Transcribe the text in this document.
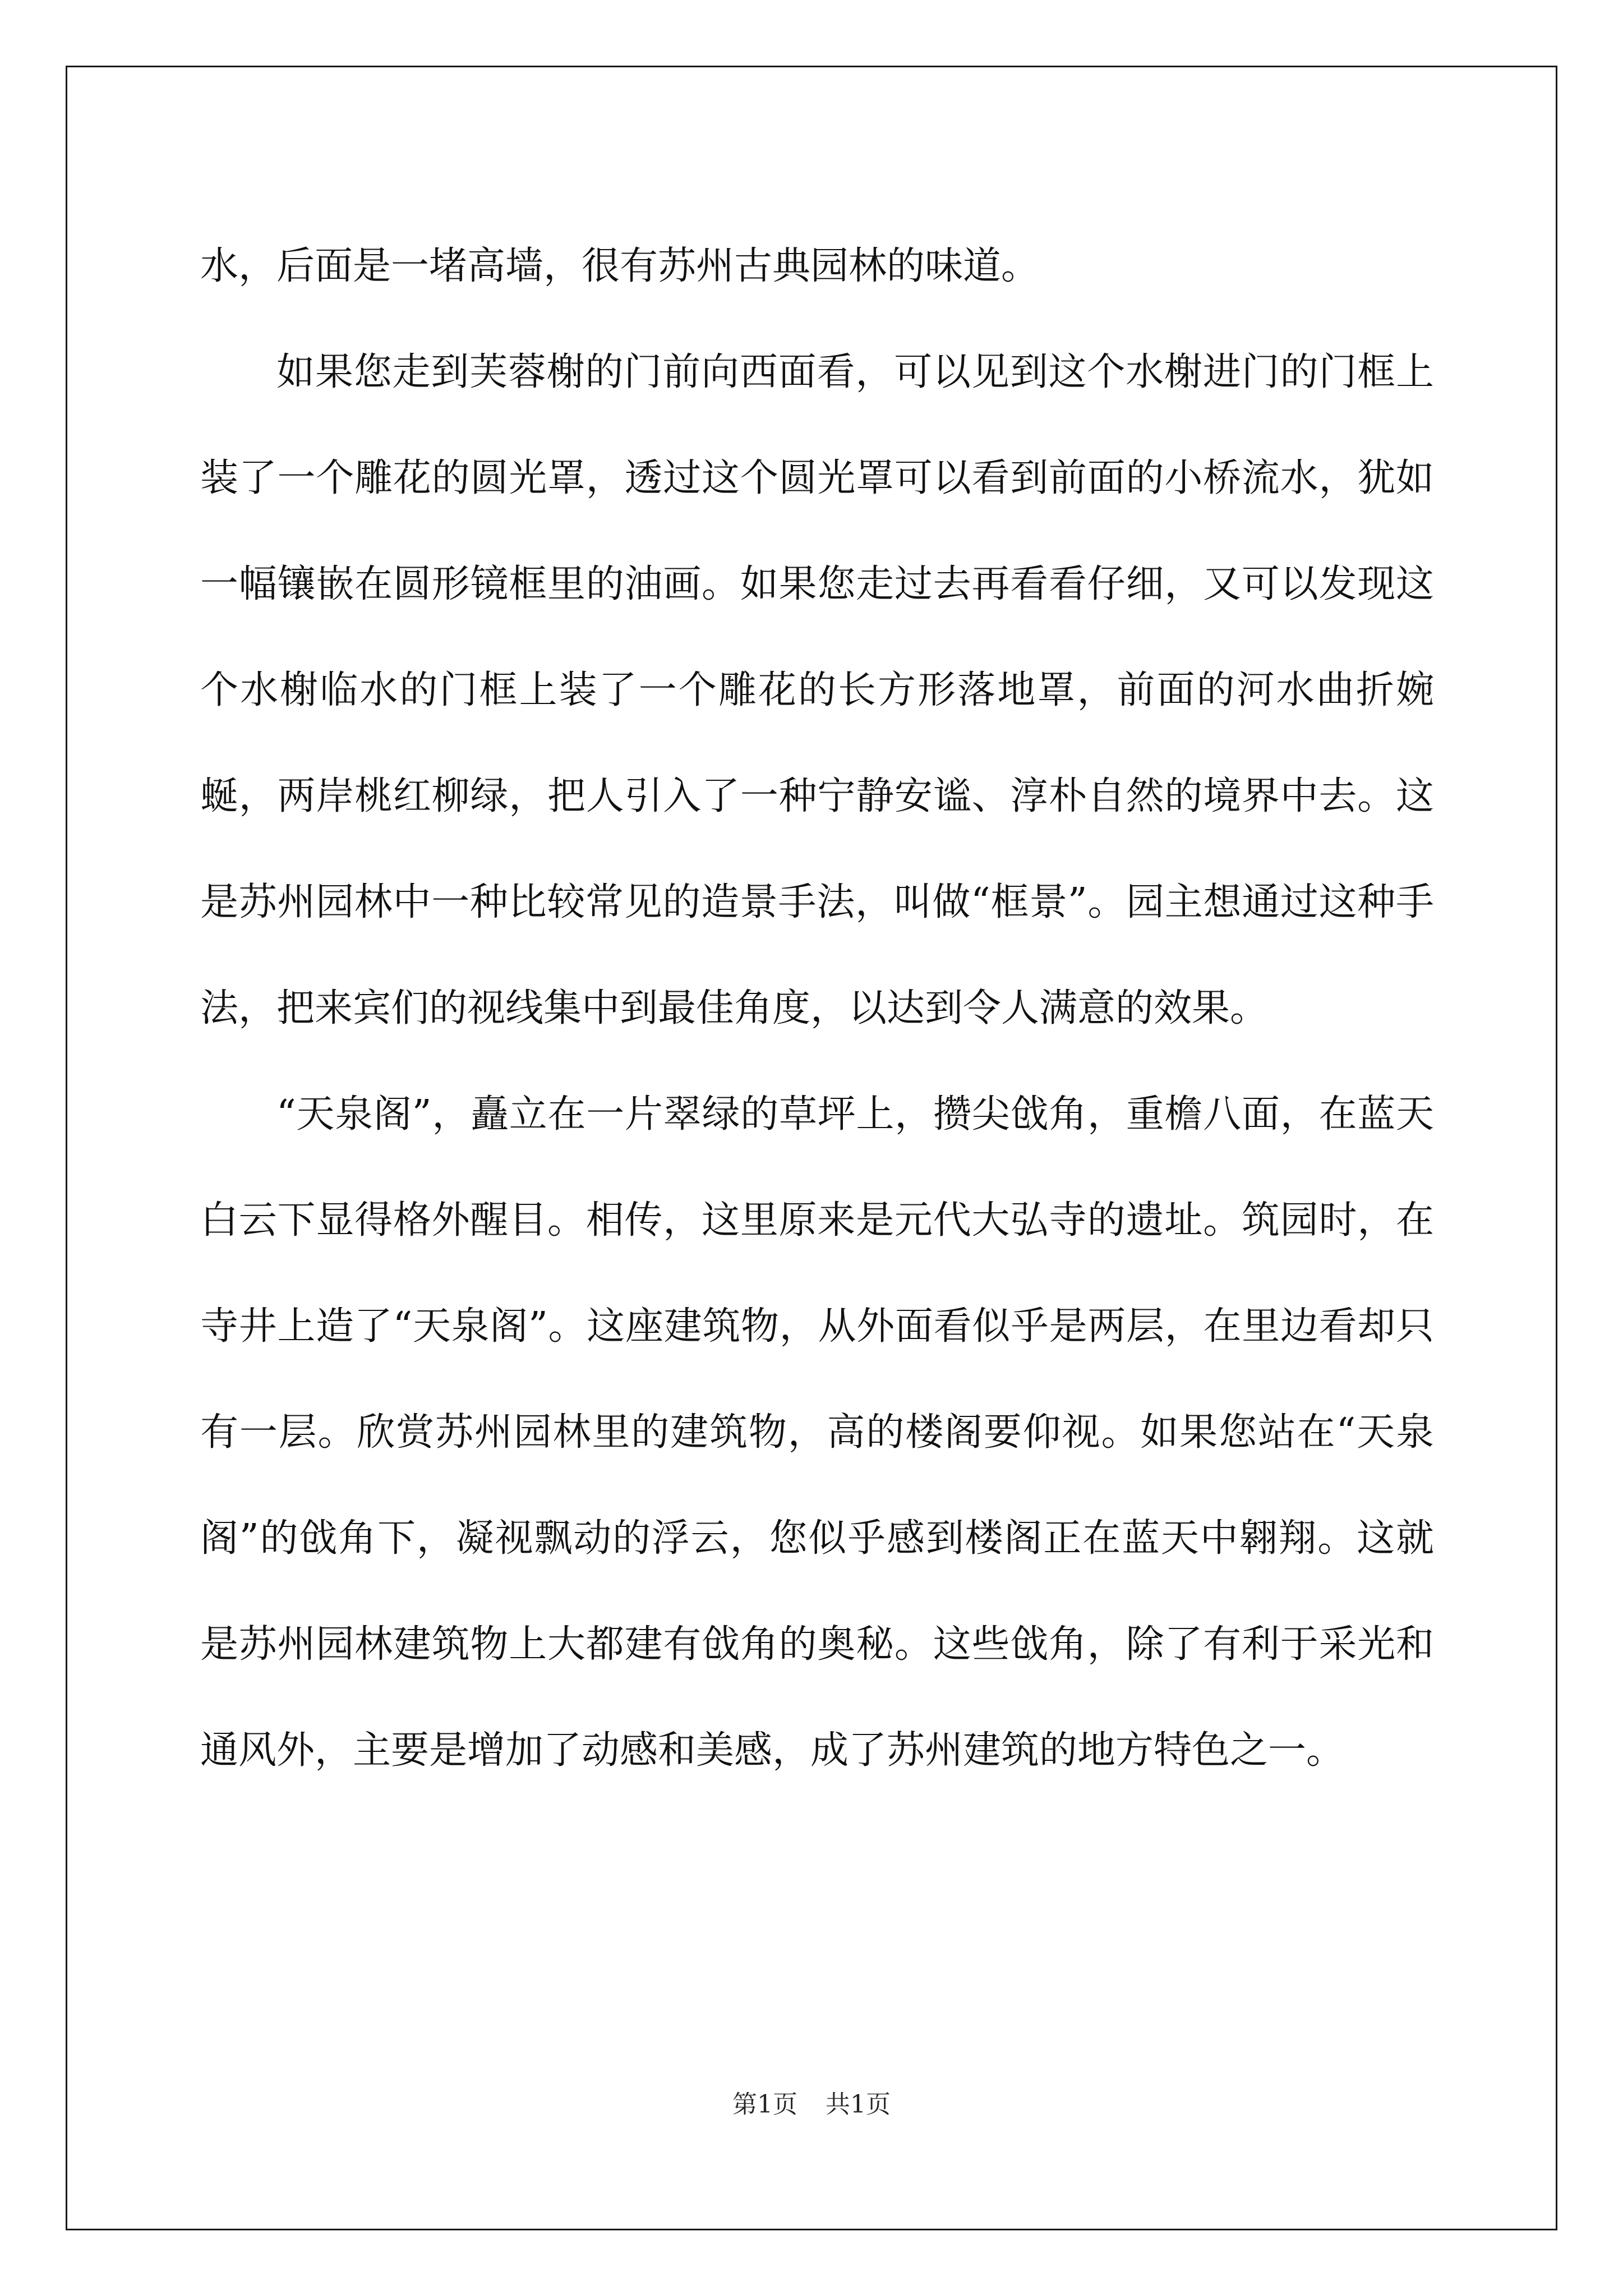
水，后面是一堵高墙，很有苏州古典园林的味道。

如果您走到芙蓉榭的门前向西面看，可以见到这个水榭进门的门框上装了一个雕花的圆光罩，透过这个圆光罩可以看到前面的小桥流水，犹如一幅镶嵌在圆形镜框里的油画。如果您走过去再看看仔细，又可以发现这个水榭临水的门框上装了一个雕花的长方形落地罩，前面的河水曲折婉蜒，两岸桃红柳绿，把人引入了一种宁静安谧、淳朴自然的境界中去。这是苏州园林中一种比较常见的造景手法，叫做“框景”。园主想通过这种手法，把来宾们的视线集中到最佳角度，以达到令人满意的效果。

“天泉阁”，矗立在一片翠绿的草坪上，攒尖戗角，重檐八面，在蓝天白云下显得格外醒目。相传，这里原来是元代大弘寺的遗址。筑园时，在寺井上造了“天泉阁”。这座建筑物，从外面看似乎是两层，在里边看却只有一层。欣赏苏州园林里的建筑物，高的楼阁要仰视。如果您站在“天泉阁”的戗角下，凝视飘动的浮云，您似乎感到楼阁正在蓝天中翱翔。这就是苏州园林建筑物上大都建有戗角的奥秘。这些戗角，除了有利于采光和通风外，主要是增加了动感和美感，成了苏州建筑的地方特色之一。

第1页 共1页
